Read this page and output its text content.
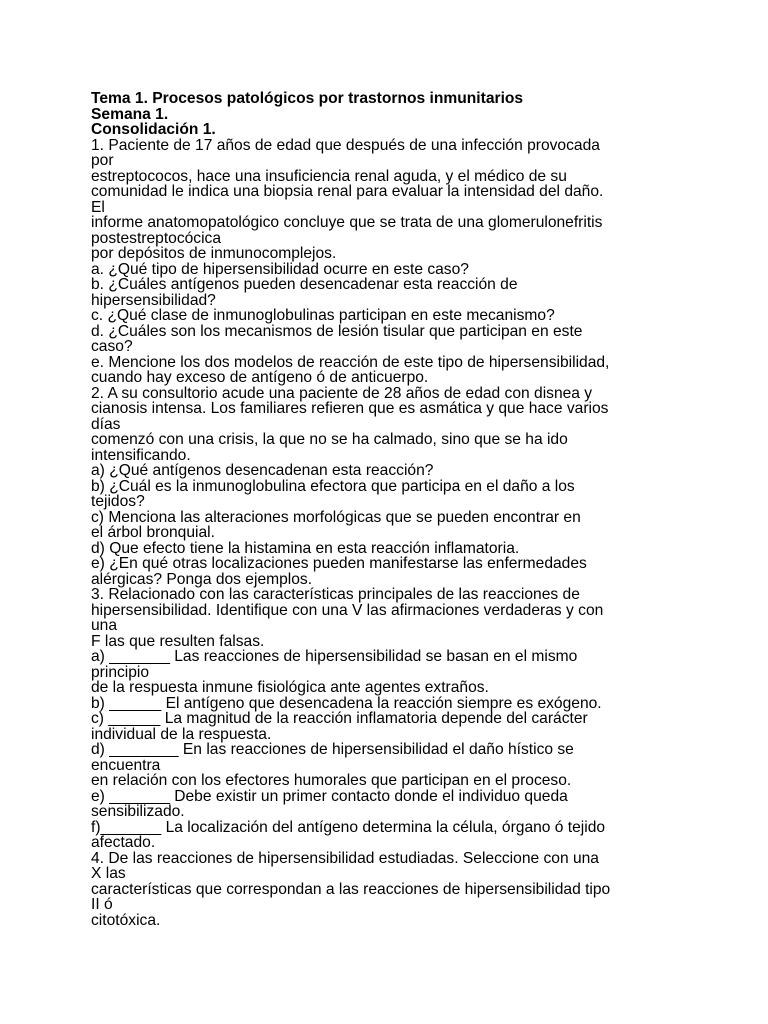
Tema 1. Procesos patológicos por trastornos inmunitarios
Semana 1.
Consolidación 1.
1. Paciente de 17 años de edad que después de una infección provocada
por
estreptococos, hace una insuficiencia renal aguda, y el médico de su
comunidad le indica una biopsia renal para evaluar la intensidad del daño.
El
informe anatomopatológico concluye que se trata de una glomerulonefritis
postestreptocócica
por depósitos de inmunocomplejos.
a. ¿Qué tipo de hipersensibilidad ocurre en este caso?
b. ¿Cuáles antígenos pueden desencadenar esta reacción de
hipersensibilidad?
c. ¿Qué clase de inmunoglobulinas participan en este mecanismo?
d. ¿Cuáles son los mecanismos de lesión tisular que participan en este
caso?
e. Mencione los dos modelos de reacción de este tipo de hipersensibilidad,
cuando hay exceso de antígeno ó de anticuerpo.
2. A su consultorio acude una paciente de 28 años de edad con disnea y
cianosis intensa. Los familiares refieren que es asmática y que hace varios
días
comenzó con una crisis, la que no se ha calmado, sino que se ha ido
intensificando.
a) ¿Qué antígenos desencadenan esta reacción?
b) ¿Cuál es la inmunoglobulina efectora que participa en el daño a los
tejidos?
c) Menciona las alteraciones morfológicas que se pueden encontrar en
el árbol bronquial.
d) Que efecto tiene la histamina en esta reacción inflamatoria.
e) ¿En qué otras localizaciones pueden manifestarse las enfermedades
alérgicas? Ponga dos ejemplos.
3. Relacionado con las características principales de las reacciones de
hipersensibilidad. Identifique con una V las afirmaciones verdaderas y con
una
F las que resulten falsas.
a) _______ Las reacciones de hipersensibilidad se basan en el mismo
principio
de la respuesta inmune fisiológica ante agentes extraños.
b) ______ El antígeno que desencadena la reacción siempre es exógeno.
c) ______ La magnitud de la reacción inflamatoria depende del carácter
individual de la respuesta.
d) ________ En las reacciones de hipersensibilidad el daño hístico se
encuentra
en relación con los efectores humorales que participan en el proceso.
e) _______ Debe existir un primer contacto donde el individuo queda
sensibilizado.
f)_______ La localización del antígeno determina la célula, órgano ó tejido
afectado.
4. De las reacciones de hipersensibilidad estudiadas. Seleccione con una
X las
características que correspondan a las reacciones de hipersensibilidad tipo
II ó
citotóxica.
